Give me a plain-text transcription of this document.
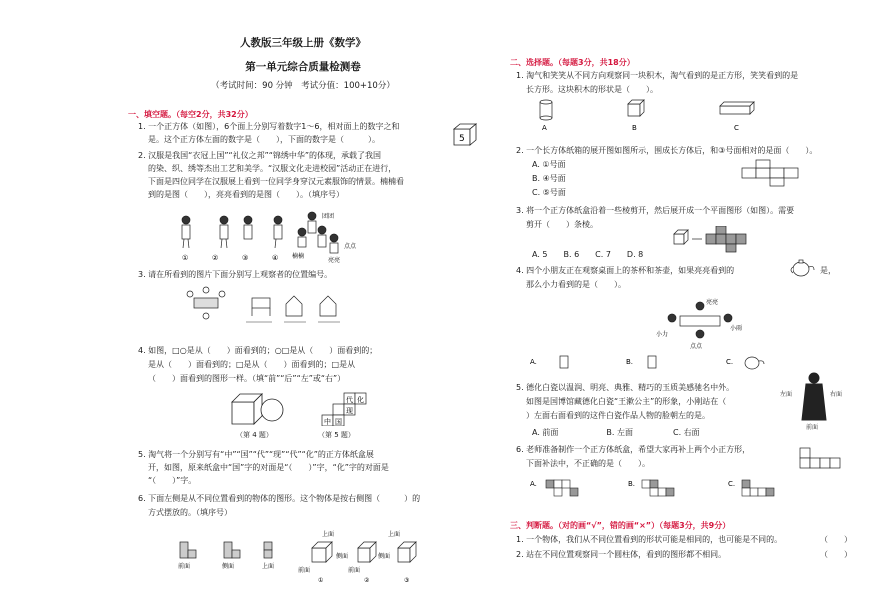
人教版三年级上册《数学》

第一单元综合质量检测卷

（考试时间：90 分钟　考试分值：100+10分）

一、填空题。（每空2分，共32分）
1. 一个正方体（如图），6个面上分别写着数字1～6，相对面上的数字之和
是。这个正方体左面的数字是（　　），下面的数字是（　　　）。	5
2. 汉服是我国“衣冠上国”“礼仪之邦”“锦绣中华”的体现，承载了我国
的染、织、绣等杰出工艺和美学。“汉服文化走进校园”活动正在进行，
下面是四位同学在汉服展上看到一位同学身穿汉元素服饰的情景。楠楠看
到的是图（　　），亮亮看到的是图（　　）。（填序号）
①	②	③	④
团团
楠楠
亮亮
点点
3. 请在所看到的图片下面分别写上观察者的位置编号。
4. 如图，□○是从（　　）面看到的；○□是从（　　）面看到的；
是从（　　）面看到的；□是从（　　）面看到的；□是从
（　　）面看到的图形一样。（填“前”“后”“左”或“右”）
（第 4 题）
代 化
现
国
中
（第 5 题）
5. 淘气将一个分别写有“中”“国”“代”“现”“代”“化”的正方体纸盒展
开，如图，原来纸盒中“国”字的对面是“（　　）”字，“化”字的对面是
“（　　）”字。
6. 下面左侧是从不同位置看到的物体的图形。这个物体是按右侧图（　　　）的
方式摆放的。（填序号）
前面	侧面	上面
上面	上面
侧面	侧面
前面	前面
①	②	③
二、选择题。（每题3分，共18分）
1. 淘气和笑笑从不同方向观察同一块积木，淘气看到的是正方形，笑笑看到的是
长方形。这块积木的形状是（　　）。
A	B	C
2. 一个长方体纸箱的展开图如图所示，围成长方体后，和③号面相对的是面（　　）。
A. ①号面
B. ④号面
C. ⑤号面
3. 将一个正方体纸盒沿着一些棱剪开，然后展开成一个平面图形（如图）。需要
剪开（　　）条棱。
A. 5　　B. 6　　C. 7　　D. 8
4. 四个小朋友正在观察桌面上的茶杯和茶壶，如果亮亮看到的	是，
那么小力看到的是（　　）。
亮亮
小力
小雨
点点
A.	B.	C.
5. 德化白瓷以温润、明亮、典雅、精巧的玉质美感驰名中外。
如图是国博馆藏德化白瓷“王漱公主”的形象，小刚站在（
）左面右面看到的这件白瓷作品人物的脸朝左的是。
A. 前面　　　　　　B. 左面　　　　　C. 右面
左面	右面
前面
6. 老师准备制作一个正方体纸盒，希望大家再补上两个小正方形，
下面补法中，不正确的是（　　）。
A.	B.	C.
三、判断题。（对的画“√”，错的画“×”）（每题3分，共9分）
1. 一个物体，我们从不同位置看到的形状可能是相同的，也可能是不同的。	（　　）
2. 站在不同位置观察同一个圆柱体，看到的图形都不相同。	（　　）
